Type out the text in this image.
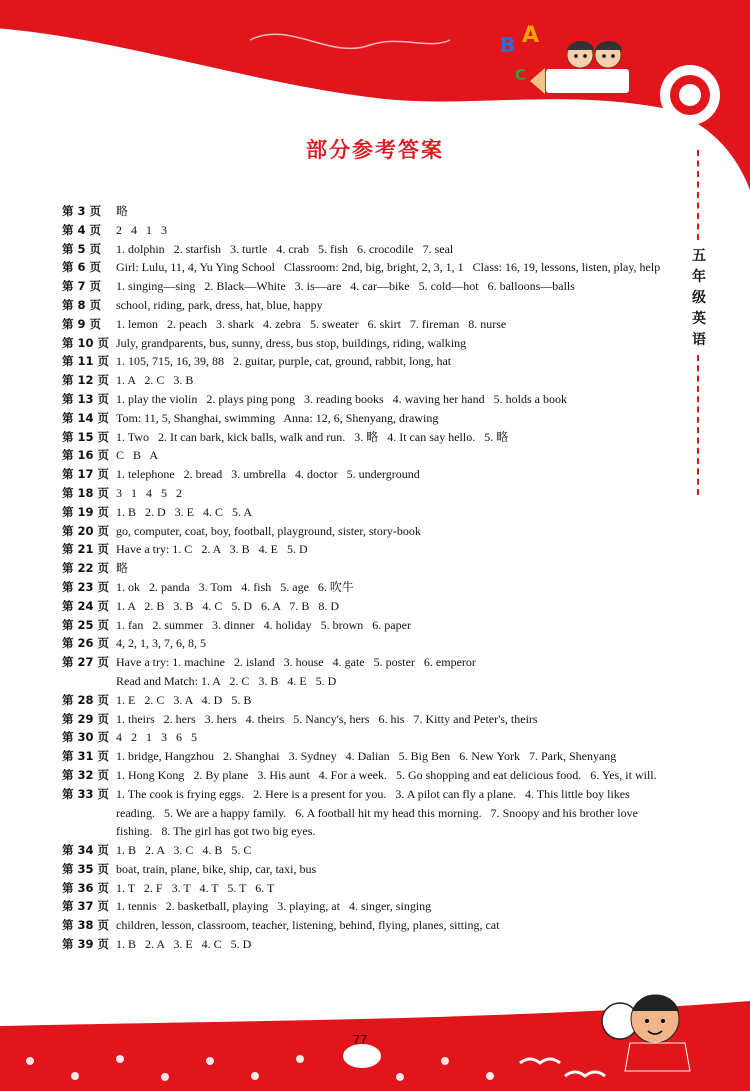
B A
C
部分参考答案
五年级英语
第 3 页	略
第 4 页	2   4   1   3
第 5 页	1. dolphin   2. starfish   3. turtle   4. crab   5. fish   6. crocodile   7. seal
第 6 页	Girl: Lulu, 11, 4, Yu Ying School   Classroom: 2nd, big, bright, 2, 3, 1, 1   Class: 16, 19, lessons, listen, play, help
第 7 页	1. singing—sing   2. Black—White   3. is—are   4. car—bike   5. cold—hot   6. balloons—balls
第 8 页	school, riding, park, dress, hat, blue, happy
第 9 页	1. lemon   2. peach   3. shark   4. zebra   5. sweater   6. skirt   7. fireman   8. nurse
第 10 页 July, grandparents, bus, sunny, dress, bus stop, buildings, riding, walking
第 11 页 1. 105, 715, 16, 39, 88   2. guitar, purple, cat, ground, rabbit, long, hat
第 12 页 1. A   2. C   3. B
第 13 页 1. play the violin   2. plays ping pong   3. reading books   4. waving her hand   5. holds a book
第 14 页 Tom: 11, 5, Shanghai, swimming   Anna: 12, 6, Shenyang, drawing
第 15 页 1. Two   2. It can bark, kick balls, walk and run.   3. 略   4. It can say hello.   5. 略
第 16 页 C   B   A
第 17 页 1. telephone   2. bread   3. umbrella   4. doctor   5. underground
第 18 页 3   1   4   5   2
第 19 页 1. B   2. D   3. E   4. C   5. A
第 20 页 go, computer, coat, boy, football, playground, sister, story-book
第 21 页 Have a try: 1. C   2. A   3. B   4. E   5. D
第 22 页 略
第 23 页 1. ok   2. panda   3. Tom   4. fish   5. age   6. 吹牛
第 24 页 1. A   2. B   3. B   4. C   5. D   6. A   7. B   8. D
第 25 页 1. fan   2. summer   3. dinner   4. holiday   5. brown   6. paper
第 26 页 4, 2, 1, 3, 7, 6, 8, 5
第 27 页 Have a try: 1. machine   2. island   3. house   4. gate   5. poster   6. emperor
Read and Match: 1. A   2. C   3. B   4. E   5. D
第 28 页 1. E   2. C   3. A   4. D   5. B
第 29 页 1. theirs   2. hers   3. hers   4. theirs   5. Nancy's, hers   6. his   7. Kitty and Peter's, theirs
第 30 页 4   2   1   3   6   5
第 31 页 1. bridge, Hangzhou   2. Shanghai   3. Sydney   4. Dalian   5. Big Ben   6. New York   7. Park, Shenyang
第 32 页 1. Hong Kong   2. By plane   3. His aunt   4. For a week.   5. Go shopping and eat delicious food.   6. Yes, it will.
第 33 页 1. The cook is frying eggs.   2. Here is a present for you.   3. A pilot can fly a plane.   4. This little boy likes reading.   5. We are a happy family.   6. A football hit my head this morning.   7. Snoopy and his brother love fishing.   8. The girl has got two big eyes.
第 34 页 1. B   2. A   3. C   4. B   5. C
第 35 页 boat, train, plane, bike, ship, car, taxi, bus
第 36 页 1. T   2. F   3. T   4. T   5. T   6. T
第 37 页 1. tennis   2. basketball, playing   3. playing, at   4. singer, singing
第 38 页 children, lesson, classroom, teacher, listening, behind, flying, planes, sitting, cat
第 39 页 1. B   2. A   3. E   4. C   5. D
77
